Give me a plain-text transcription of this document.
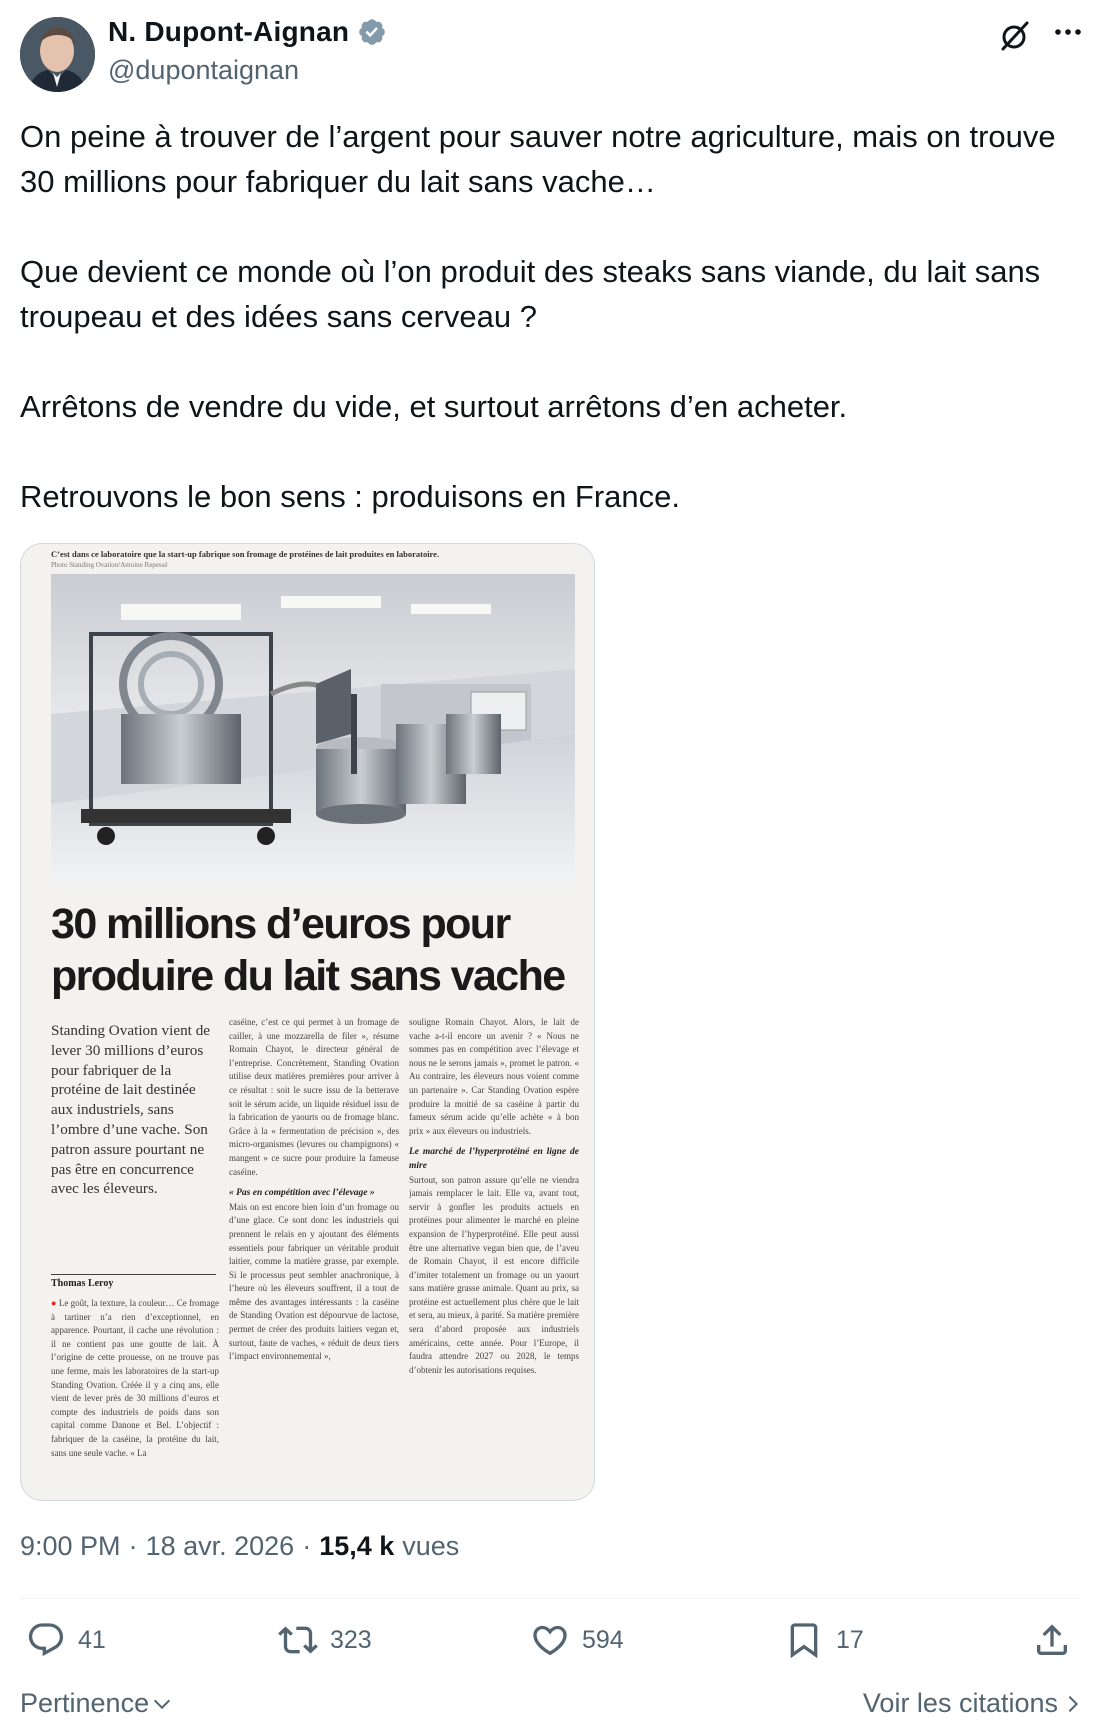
N. Dupont-Aignan
@dupontaignan

On peine à trouver de l’argent pour sauver notre agriculture, mais on trouve 30 millions pour fabriquer du lait sans vache…

Que devient ce monde où l’on produit des steaks sans viande, du lait sans troupeau et des idées sans cerveau ?

Arrêtons de vendre du vide, et surtout arrêtons d’en acheter.

Retrouvons le bon sens : produisons en France.

C’est dans ce laboratoire que la start-up fabrique son fromage de protéines de lait produites en laboratoire.
Photo Standing Ovation/Antoine Repessé
30 millions d’euros pour
produire du lait sans vache
Standing Ovation vient de lever 30 millions d’euros pour fabriquer de la protéine de lait destinée aux industriels, sans l’ombre d’une vache. Son patron assure pourtant ne pas être en concurrence avec les éleveurs.
Thomas Leroy
● Le goût, la texture, la couleur… Ce fromage à tartiner n’a rien d’exceptionnel, en apparence. Pourtant, il cache une révolution : il ne contient pas une goutte de lait. À l’origine de cette prouesse, on ne trouve pas une ferme, mais les laboratoires de la start-up Standing Ovation. Créée il y a cinq ans, elle vient de lever près de 30 millions d’euros et compte des industriels de poids dans son capital comme Danone et Bel. L’objectif : fabriquer de la caséine, la protéine du lait, sans une seule vache. « La
caséine, c’est ce qui permet à un fromage de cailler, à une mozzarella de filer », résume Romain Chayot, le directeur général de l’entreprise. Concrètement, Standing Ovation utilise deux matières premières pour arriver à ce résultat : soit le sucre issu de la betterave soit le sérum acide, un liquide résiduel issu de la fabrication de yaourts ou de fromage blanc. Grâce à la « fermentation de précision », des micro-organismes (levures ou champignons) « mangent » ce sucre pour produire la fameuse caséine.
« Pas en compétition avec l’élevage »
Mais on est encore bien loin d’un fromage ou d’une glace. Ce sont donc les industriels qui prennent le relais en y ajoutant des éléments essentiels pour fabriquer un véritable produit laitier, comme la matière grasse, par exemple. Si le processus peut sembler anachronique, à l’heure où les éleveurs souffrent, il a tout de même des avantages intéressants : la caséine de Standing Ovation est dépourvue de lactose, permet de créer des produits laitiers vegan et, surtout, faute de vaches, « réduit de deux tiers l’impact environnemental »,
souligne Romain Chayot. Alors, le lait de vache a-t-il encore un avenir ? « Nous ne sommes pas en compétition avec l’élevage et nous ne le serons jamais », promet le patron. « Au contraire, les éleveurs nous voient comme un partenaire ». Car Standing Ovation espère produire la moitié de sa caséine à partir du fameux sérum acide qu’elle achète « à bon prix » aux éleveurs ou industriels.
Le marché de l’hyperprotéiné en ligne de mire
Surtout, son patron assure qu’elle ne viendra jamais remplacer le lait. Elle va, avant tout, servir à gonfler les produits actuels en protéines pour alimenter le marché en pleine expansion de l’hyperprotéiné. Elle peut aussi être une alternative vegan bien que, de l’aveu de Romain Chayot, il est encore difficile d’imiter totalement un fromage ou un yaourt sans matière grasse animale. Quant au prix, sa protéine est actuellement plus chère que le lait et sera, au mieux, à parité. Sa matière première sera d’abord proposée aux industriels américains, cette année. Pour l’Europe, il faudra attendre 2027 ou 2028, le temps d’obtenir les autorisations requises.
9:00 PM · 18 avr. 2026 · 15,4 k vues
41	323	594	17
Pertinence	Voir les citations
